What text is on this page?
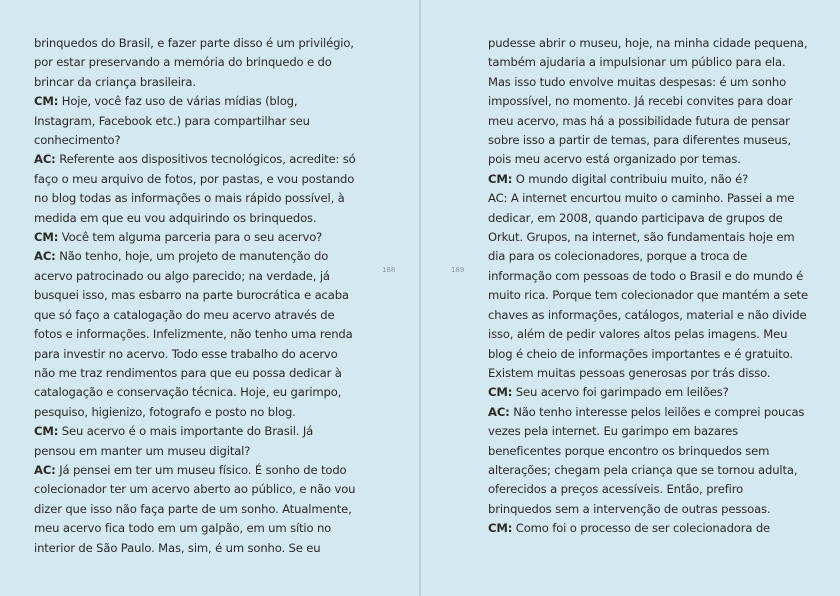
brinquedos do Brasil, e fazer parte disso é um privilégio, por estar preservando a memória do brinquedo e do brincar da criança brasileira.

CM: Hoje, você faz uso de várias mídias (blog, Instagram, Facebook etc.) para compartilhar seu conhecimento?

AC: Referente aos dispositivos tecnológicos, acredite: só faço o meu arquivo de fotos, por pastas, e vou postando no blog todas as informações o mais rápido possível, à medida em que eu vou adquirindo os brinquedos.

CM: Você tem alguma parceria para o seu acervo?

AC: Não tenho, hoje, um projeto de manutenção do acervo patrocinado ou algo parecido; na verdade, já busquei isso, mas esbarro na parte burocrática e acaba que só faço a catalogação do meu acervo através de fotos e informações. Infelizmente, não tenho uma renda para investir no acervo. Todo esse trabalho do acervo não me traz rendimentos para que eu possa dedicar à catalogação e conservação técnica. Hoje, eu garimpo, pesquiso, higienizo, fotografo e posto no blog.

CM: Seu acervo é o mais importante do Brasil. Já pensou em manter um museu digital?

AC: Já pensei em ter um museu físico. É sonho de todo colecionador ter um acervo aberto ao público, e não vou dizer que isso não faça parte de um sonho. Atualmente, meu acervo fica todo em um galpão, em um sítio no interior de São Paulo. Mas, sim, é um sonho. Se eu

188	189

pudesse abrir o museu, hoje, na minha cidade pequena, também ajudaria a impulsionar um público para ela. Mas isso tudo envolve muitas despesas: é um sonho impossível, no momento. Já recebi convites para doar meu acervo, mas há a possibilidade futura de pensar sobre isso a partir de temas, para diferentes museus, pois meu acervo está organizado por temas.

CM: O mundo digital contribuiu muito, não é?

AC: A internet encurtou muito o caminho. Passei a me dedicar, em 2008, quando participava de grupos de Orkut. Grupos, na internet, são fundamentais hoje em dia para os colecionadores, porque a troca de informação com pessoas de todo o Brasil e do mundo é muito rica. Porque tem colecionador que mantém a sete chaves as informações, catálogos, material e não divide isso, além de pedir valores altos pelas imagens. Meu blog é cheio de informações importantes e é gratuito. Existem muitas pessoas generosas por trás disso.

CM: Seu acervo foi garimpado em leilões?

AC: Não tenho interesse pelos leilões e comprei poucas vezes pela internet. Eu garimpo em bazares beneficentes porque encontro os brinquedos sem alterações; chegam pela criança que se tornou adulta, oferecidos a preços acessíveis. Então, prefiro brinquedos sem a intervenção de outras pessoas.

CM: Como foi o processo de ser colecionadora de
